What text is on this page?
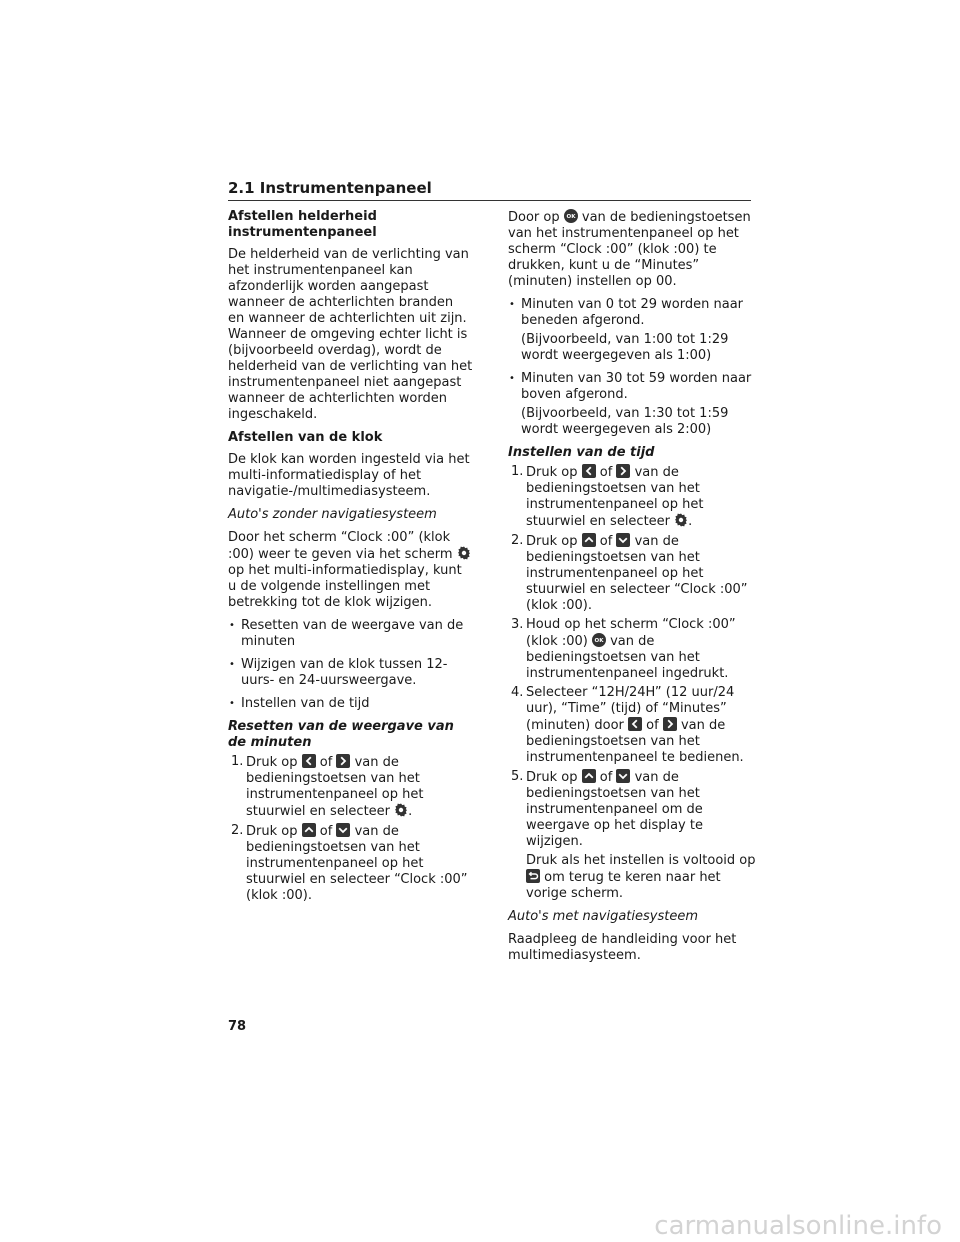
2.1 Instrumentenpaneel
Afstellen helderheid instrumentenpaneel

De helderheid van de verlichting van het instrumentenpaneel kan afzonderlijk worden aangepast wanneer de achterlichten branden en wanneer de achterlichten uit zijn. Wanneer de omgeving echter licht is (bijvoorbeeld overdag), wordt de helderheid van de verlichting van het instrumentenpaneel niet aangepast wanneer de achterlichten worden ingeschakeld.

Afstellen van de klok

De klok kan worden ingesteld via het multi-informatiedisplay of het navigatie-/multimediasysteem.

Auto's zonder navigatiesysteem

Door het scherm “Clock :00” (klok :00) weer te geven via het scherm
op het multi-informatiedisplay, kunt u de volgende instellingen met betrekking tot de klok wijzigen.

• Resetten van de weergave van de minuten
• Wijzigen van de klok tussen 12-uurs- en 24-uursweergave.
• Instellen van de tijd

Resetten van de weergave van de minuten

1. Druk op of van de bedieningstoetsen van het instrumentenpaneel op het stuurwiel en selecteer .
2. Druk op of van de bedieningstoetsen van het instrumentenpaneel op het stuurwiel en selecteer “Clock :00” (klok :00).

Door op OK van de bedieningstoetsen van het instrumentenpaneel op het scherm “Clock :00” (klok :00) te drukken, kunt u de “Minutes” (minuten) instellen op 00.

• Minuten van 0 tot 29 worden naar beneden afgerond.
(Bijvoorbeeld, van 1:00 tot 1:29 wordt weergegeven als 1:00)
• Minuten van 30 tot 59 worden naar boven afgerond.
(Bijvoorbeeld, van 1:30 tot 1:59 wordt weergegeven als 2:00)

Instellen van de tijd

1. Druk op of van de bedieningstoetsen van het instrumentenpaneel op het stuurwiel en selecteer .
2. Druk op of van de bedieningstoetsen van het instrumentenpaneel op het stuurwiel en selecteer “Clock :00” (klok :00).
3. Houd op het scherm “Clock :00” (klok :00) OK van de bedieningstoetsen van het instrumentenpaneel ingedrukt.
4. Selecteer “12H/24H” (12 uur/24 uur), “Time” (tijd) of “Minutes” (minuten) door of van de bedieningstoetsen van het instrumentenpaneel te bedienen.
5. Druk op of van de bedieningstoetsen van het instrumentenpaneel om de weergave op het display te wijzigen.
Druk als het instellen is voltooid op
om terug te keren naar het vorige scherm.

Auto's met navigatiesysteem

Raadpleeg de handleiding voor het multimediasysteem.

78
carmanualsonline.info
